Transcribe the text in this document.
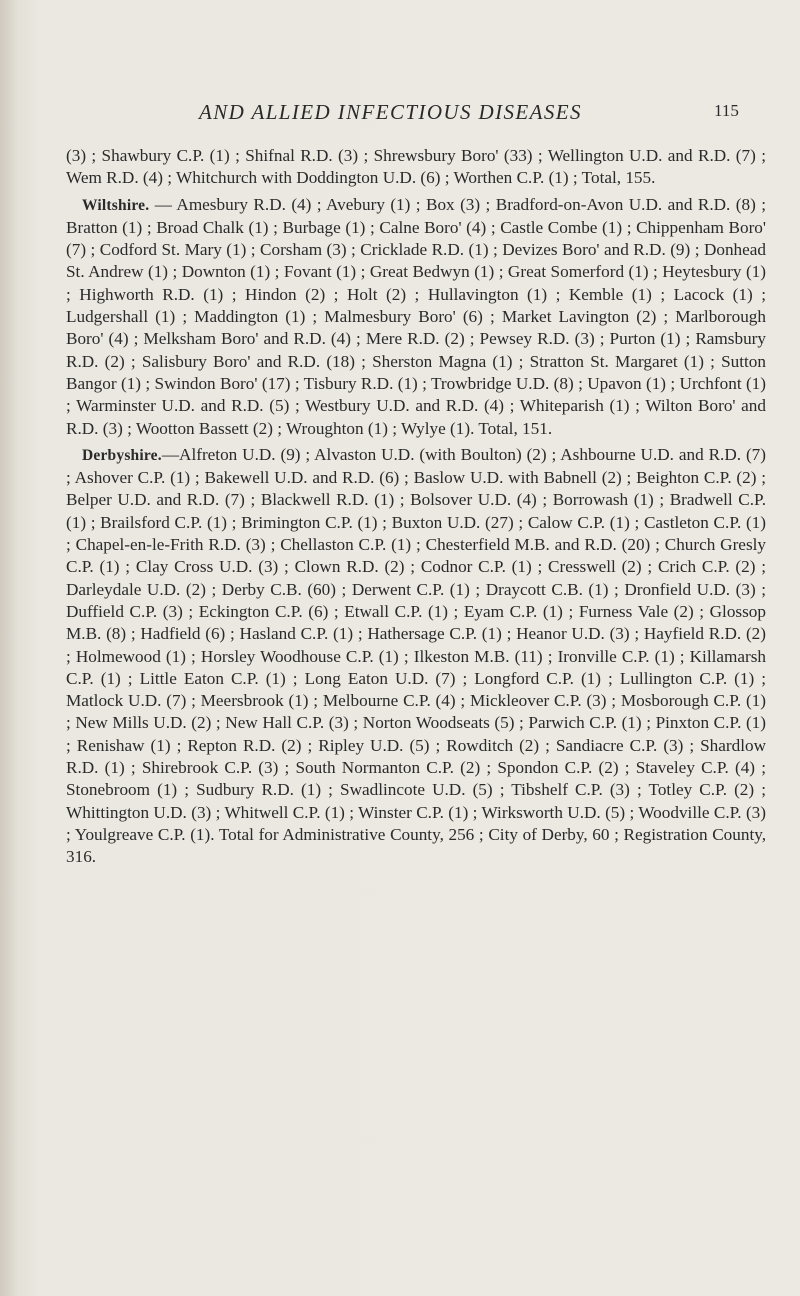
AND ALLIED INFECTIOUS DISEASES	115

(3) ; Shawbury C.P. (1) ; Shifnal R.D. (3) ; Shrewsbury Boro' (33) ; Wellington U.D. and R.D. (7) ; Wem R.D. (4) ; Whitchurch with Doddington U.D. (6) ; Worthen C.P. (1) ; Total, 155.

Wiltshire. — Amesbury R.D. (4) ; Avebury (1) ; Box (3) ; Bradford-on-Avon U.D. and R.D. (8) ; Bratton (1) ; Broad Chalk (1) ; Burbage (1) ; Calne Boro' (4) ; Castle Combe (1) ; Chippenham Boro' (7) ; Codford St. Mary (1) ; Corsham (3) ; Cricklade R.D. (1) ; Devizes Boro' and R.D. (9) ; Donhead St. Andrew (1) ; Downton (1) ; Fovant (1) ; Great Bedwyn (1) ; Great Somerford (1) ; Heytesbury (1) ; Highworth R.D. (1) ; Hindon (2) ; Holt (2) ; Hullavington (1) ; Kemble (1) ; Lacock (1) ; Ludgershall (1) ; Maddington (1) ; Malmesbury Boro' (6) ; Market Lavington (2) ; Marlborough Boro' (4) ; Melksham Boro' and R.D. (4) ; Mere R.D. (2) ; Pewsey R.D. (3) ; Purton (1) ; Ramsbury R.D. (2) ; Salisbury Boro' and R.D. (18) ; Sherston Magna (1) ; Stratton St. Margaret (1) ; Sutton Bangor (1) ; Swindon Boro' (17) ; Tisbury R.D. (1) ; Trowbridge U.D. (8) ; Upavon (1) ; Urchfont (1) ; Warminster U.D. and R.D. (5) ; Westbury U.D. and R.D. (4) ; Whiteparish (1) ; Wilton Boro' and R.D. (3) ; Wootton Bassett (2) ; Wroughton (1) ; Wylye (1). Total, 151.

Derbyshire.—Alfreton U.D. (9) ; Alvaston U.D. (with Boulton) (2) ; Ashbourne U.D. and R.D. (7) ; Ashover C.P. (1) ; Bakewell U.D. and R.D. (6) ; Baslow U.D. with Babnell (2) ; Beighton C.P. (2) ; Belper U.D. and R.D. (7) ; Blackwell R.D. (1) ; Bolsover U.D. (4) ; Borrowash (1) ; Bradwell C.P. (1) ; Brailsford C.P. (1) ; Brimington C.P. (1) ; Buxton U.D. (27) ; Calow C.P. (1) ; Castleton C.P. (1) ; Chapel-en-le-Frith R.D. (3) ; Chellaston C.P. (1) ; Chesterfield M.B. and R.D. (20) ; Church Gresly C.P. (1) ; Clay Cross U.D. (3) ; Clown R.D. (2) ; Codnor C.P. (1) ; Cresswell (2) ; Crich C.P. (2) ; Darleydale U.D. (2) ; Derby C.B. (60) ; Derwent C.P. (1) ; Draycott C.B. (1) ; Dronfield U.D. (3) ; Duffield C.P. (3) ; Eckington C.P. (6) ; Etwall C.P. (1) ; Eyam C.P. (1) ; Furness Vale (2) ; Glossop M.B. (8) ; Hadfield (6) ; Hasland C.P. (1) ; Hathersage C.P. (1) ; Heanor U.D. (3) ; Hayfield R.D. (2) ; Holmewood (1) ; Horsley Woodhouse C.P. (1) ; Ilkeston M.B. (11) ; Ironville C.P. (1) ; Killamarsh C.P. (1) ; Little Eaton C.P. (1) ; Long Eaton U.D. (7) ; Longford C.P. (1) ; Lullington C.P. (1) ; Matlock U.D. (7) ; Meersbrook (1) ; Melbourne C.P. (4) ; Mickleover C.P. (3) ; Mosborough C.P. (1) ; New Mills U.D. (2) ; New Hall C.P. (3) ; Norton Woodseats (5) ; Parwich C.P. (1) ; Pinxton C.P. (1) ; Renishaw (1) ; Repton R.D. (2) ; Ripley U.D. (5) ; Rowditch (2) ; Sandiacre C.P. (3) ; Shardlow R.D. (1) ; Shirebrook C.P. (3) ; South Normanton C.P. (2) ; Spondon C.P. (2) ; Staveley C.P. (4) ; Stonebroom (1) ; Sudbury R.D. (1) ; Swadlincote U.D. (5) ; Tibshelf C.P. (3) ; Totley C.P. (2) ; Whittington U.D. (3) ; Whitwell C.P. (1) ; Winster C.P. (1) ; Wirksworth U.D. (5) ; Woodville C.P. (3) ; Youlgreave C.P. (1). Total for Administrative County, 256 ; City of Derby, 60 ; Registration County, 316.
